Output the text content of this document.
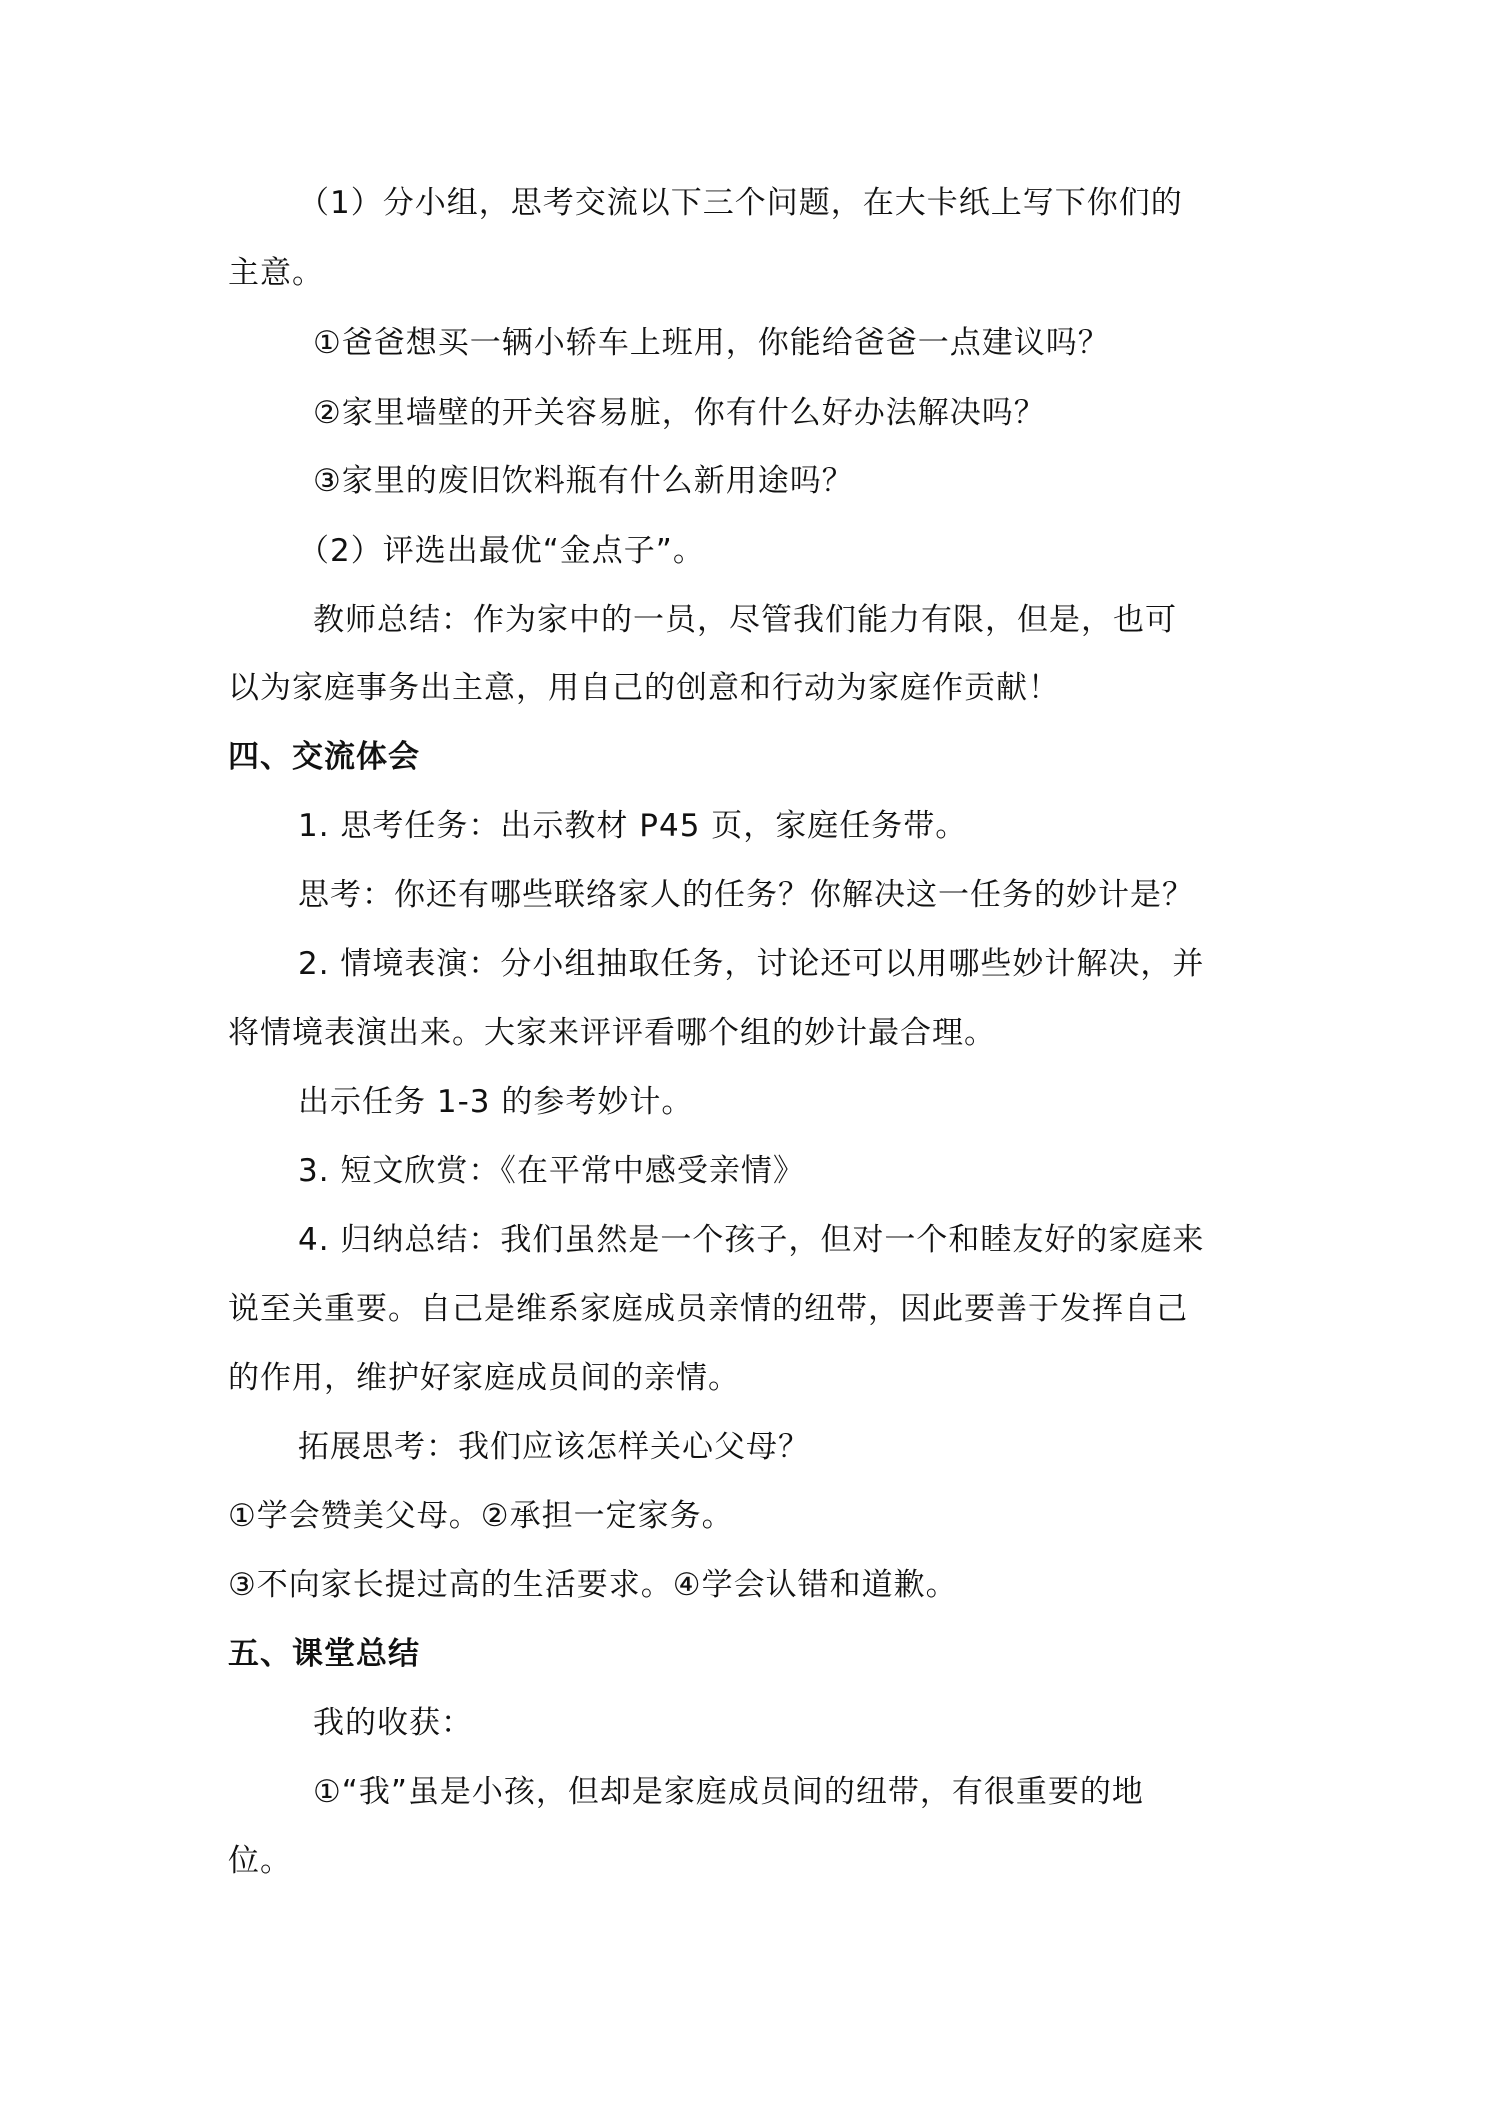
（1）分小组，思考交流以下三个问题，在大卡纸上写下你们的
主意。
①爸爸想买一辆小轿车上班用，你能给爸爸一点建议吗？
②家里墙壁的开关容易脏，你有什么好办法解决吗？
③家里的废旧饮料瓶有什么新用途吗？
（2）评选出最优“金点子”。
教师总结：作为家中的一员，尽管我们能力有限，但是，也可
以为家庭事务出主意，用自己的创意和行动为家庭作贡献！
四、交流体会
1. 思考任务：出示教材 P45 页，家庭任务带。
思考：你还有哪些联络家人的任务？你解决这一任务的妙计是？
2. 情境表演：分小组抽取任务，讨论还可以用哪些妙计解决，并
将情境表演出来。大家来评评看哪个组的妙计最合理。
出示任务 1-3 的参考妙计。
3. 短文欣赏：《在平常中感受亲情》
4. 归纳总结：我们虽然是一个孩子，但对一个和睦友好的家庭来
说至关重要。自己是维系家庭成员亲情的纽带，因此要善于发挥自己
的作用，维护好家庭成员间的亲情。
拓展思考：我们应该怎样关心父母？
①学会赞美父母。②承担一定家务。
③不向家长提过高的生活要求。④学会认错和道歉。
五、课堂总结
我的收获：
①“我”虽是小孩，但却是家庭成员间的纽带，有很重要的地
位。
